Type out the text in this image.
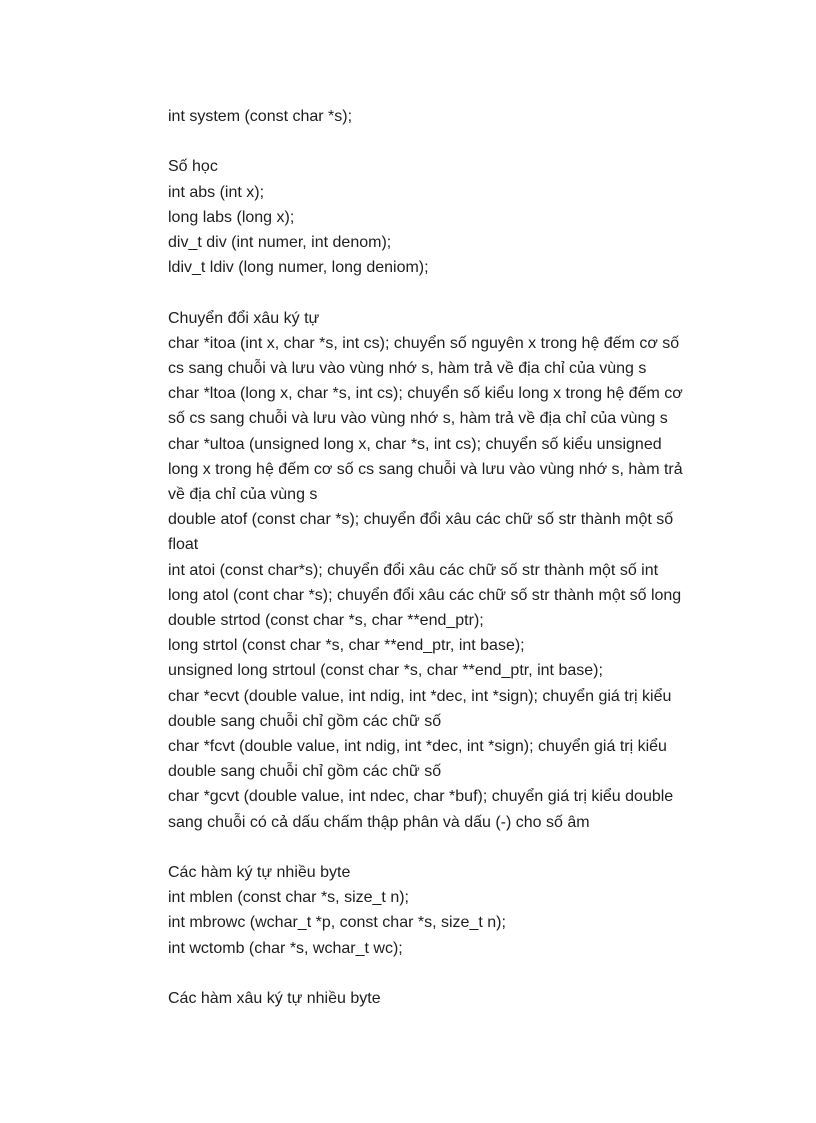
int system (const char *s);
Số học
int abs (int x);
long labs (long x);
div_t div (int numer, int denom);
ldiv_t ldiv (long numer, long deniom);
Chuyển đổi xâu ký tự
char *itoa (int x, char *s, int cs); chuyển số nguyên x trong hệ đếm cơ số
cs sang chuỗi và lưu vào vùng nhớ s, hàm trả về địa chỉ của vùng s
char *ltoa (long x, char *s, int cs); chuyển số kiểu long x trong hệ đếm cơ
số cs sang chuỗi và lưu vào vùng nhớ s, hàm trả về địa chỉ của vùng s
char *ultoa (unsigned long x, char *s, int cs); chuyển số kiểu unsigned
long x trong hệ đếm cơ số cs sang chuỗi và lưu vào vùng nhớ s, hàm trả
về địa chỉ của vùng s
double atof (const char *s); chuyển đổi xâu các chữ số str thành một số
float
int atoi (const char*s); chuyển đổi xâu các chữ số str thành một số int
long atol (cont char *s); chuyển đổi xâu các chữ số str thành một số long
double strtod (const char *s, char **end_ptr);
long strtol (const char *s, char **end_ptr, int base);
unsigned long strtoul (const char *s, char **end_ptr, int base);
char *ecvt (double value, int ndig, int *dec, int *sign); chuyển giá trị kiểu
double sang chuỗi chỉ gồm các chữ số
char *fcvt (double value, int ndig, int *dec, int *sign); chuyển giá trị kiểu
double sang chuỗi chỉ gồm các chữ số
char *gcvt (double value, int ndec, char *buf); chuyển giá trị kiểu double
sang chuỗi có cả dấu chấm thập phân và dấu (-) cho số âm
Các hàm ký tự nhiều byte
int mblen (const char *s, size_t n);
int mbrowc (wchar_t *p, const char *s, size_t n);
int wctomb (char *s, wchar_t wc);
Các hàm xâu ký tự nhiều byte
